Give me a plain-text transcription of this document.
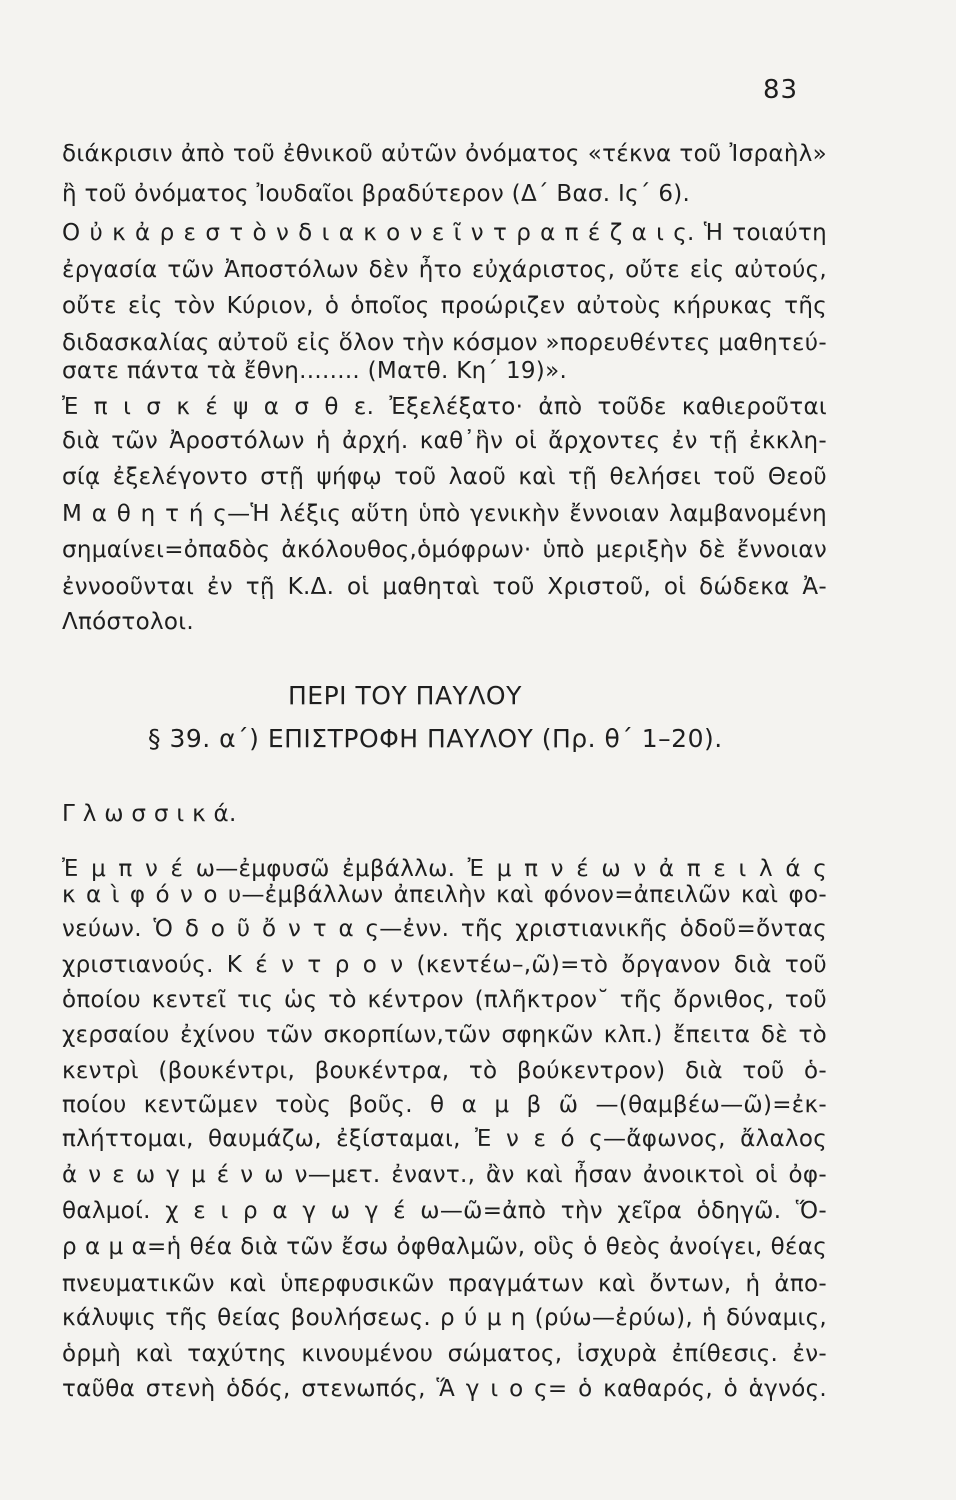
83
διάκρισιν ἀπὸ τοῦ ἐθνικοῦ αὐτῶν ὀνόματος «τέκνα τοῦ Ἰσραὴλ»
ἢ τοῦ ὀνόματος Ἰουδαῖοι βραδύτερον (Δ΄ Βασ. Ις΄ 6).
Ο ὐ κ ἀ ρ ε σ τ ὸ ν δ ι α κ ο ν ε ῖ ν τ ρ α π έ ζ α ι ς. Ἡ τοιαύτη
ἐργασία τῶν Ἀποστόλων δὲν ἦτο εὐχάριστος, οὔτε εἰς αὐτούς,
οὔτε εἰς τὸν Κύριον, ὁ ὁποῖος προώριζεν αὐτοὺς κήρυκας τῆς
διδασκαλίας αὐτοῦ εἰς ὅλον τὴν κόσμον »πορευθέντες μαθητεύ-
σατε πάντα τὰ ἔθνη........ (Ματθ. Κη΄ 19)».
Ἐ π ι σ κ έ ψ α σ θ ε. Ἐξελέξατο· ἀπὸ τοῦδε καθιεροῦται
διὰ τῶν Ἀροστόλων ἡ ἀρχή. καθ᾽ἣν οἱ ἄρχοντες ἐν τῇ ἐκκλη-
σίᾳ ἐξελέγοντο στῇ ψήφῳ τοῦ λαοῦ καὶ τῇ θελήσει τοῦ Θεοῦ
Μ α θ η τ ή ς—Ἡ λέξις αὕτη ὑπὸ γενικὴν ἔννοιαν λαμβανομένη
σημαίνει=ὀπαδὸς ἀκόλουθος,ὁμόφρων· ὑπὸ μεριξὴν δὲ ἔννοιαν
ἐννοοῦνται ἐν τῇ Κ.Δ. οἱ μαθηταὶ τοῦ Χριστοῦ, οἱ δώδεκα Ἀ-
Λπόστολοι.
ΠΕΡΙ ΤΟΥ ΠΑΥΛΟΥ
§ 39. α΄) ΕΠΙΣΤΡΟΦΗ ΠΑΥΛΟΥ (Πρ. θ΄ 1–20).
Γ λ ω σ σ ι κ ά.
Ἐ μ π ν έ ω—ἐμφυσῶ ἐμβάλλω. Ἐ μ π ν έ ω ν ἀ π ε ι λ ά ς
κ α ὶ φ ό ν ο υ—ἐμβάλλων ἀπειλὴν καὶ φόνον=ἀπειλῶν καὶ φο-
νεύων. Ὁ δ ο ῦ ὄ ν τ α ς—ἐνν. τῆς χριστιανικῆς ὁδοῦ=ὄντας
χριστιανούς. Κ έ ν τ ρ ο ν (κεντέω–,ῶ)=τὸ ὄργανον διὰ τοῦ
ὁποίου κεντεῖ τις ὡς τὸ κέντρον (πλῆκτρον˘ τῆς ὄρνιθος, τοῦ
χερσαίου ἐχίνου τῶν σκορπίων,τῶν σφηκῶν κλπ.) ἔπειτα δὲ τὸ
κεντρὶ (βουκέντρι, βουκέντρα, τὸ βούκεντρον) διὰ τοῦ ὁ-
ποίου κεντῶμεν τοὺς βοῦς. θ α μ β ῶ —(θαμβέω—ῶ)=ἐκ-
πλήττομαι, θαυμάζω, ἐξίσταμαι, Ἐ ν ε ό ς—ἄφωνος, ἄλαλος
ἀ ν ε ω γ μ έ ν ω ν—μετ. ἐναντ., ἂν καὶ ἦσαν ἀνοικτοὶ οἱ ὀφ-
θαλμοί. χ ε ι ρ α γ ω γ έ ω—ῶ=ἀπὸ τὴν χεῖρα ὁδηγῶ. Ὅ-
ρ α μ α=ἡ θέα διὰ τῶν ἔσω ὀφθαλμῶν, οὓς ὁ θεὸς ἀνοίγει, θέας
πνευματικῶν καὶ ὑπερφυσικῶν πραγμάτων καὶ ὄντων, ἡ ἀπο-
κάλυψις τῆς θείας βουλήσεως. ρ ύ μ η (ρύω—ἐρύω), ἡ δύναμις,
ὁρμὴ καὶ ταχύτης κινουμένου σώματος, ἰσχυρὰ ἐπίθεσις. ἐν-
ταῦθα στενὴ ὁδός, στενωπός, Ἅ γ ι ο ς= ὁ καθαρός, ὁ ἁγνός.
